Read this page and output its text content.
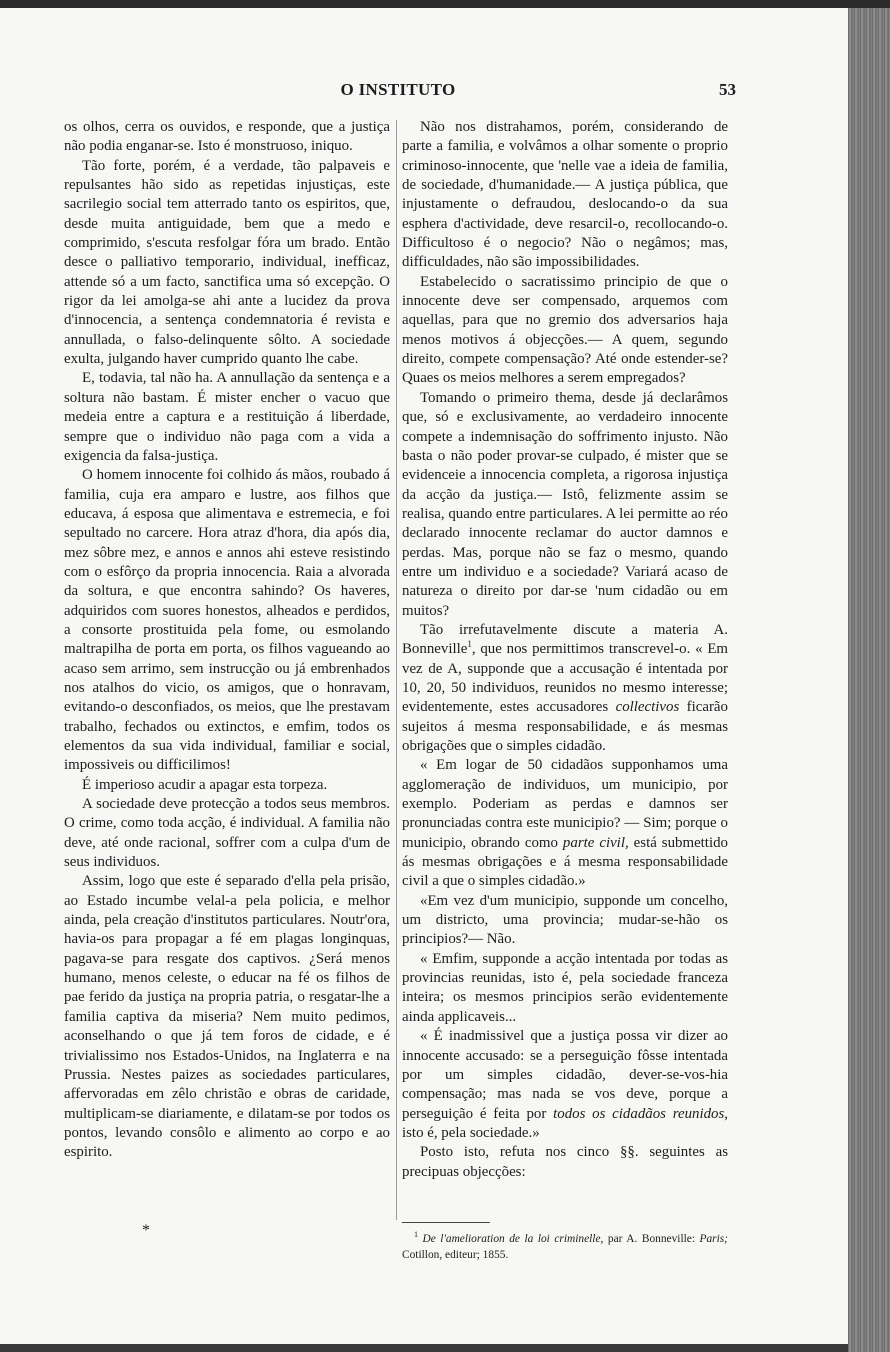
O INSTITUTO	53

os olhos, cerra os ouvidos, e responde, que a justiça não podia enganar-se. Isto é monstruoso, iniquo.

Tão forte, porém, é a verdade, tão palpaveis e repulsantes hão sido as repetidas injustiças, este sacrilegio social tem atterrado tanto os espiritos, que, desde muita antiguidade, bem que a medo e comprimido, s'escuta resfolgar fóra um brado. Então desce o palliativo temporario, individual, inefficaz, attende só a um facto, sanctifica uma só excepção. O rigor da lei amolga-se ahi ante a lucidez da prova d'innocencia, a sentença condemnatoria é revista e annullada, o falso-delinquente sôlto. A sociedade exulta, julgando haver cumprido quanto lhe cabe.

E, todavia, tal não ha. A annullação da sentença e a soltura não bastam. É mister encher o vacuo que medeia entre a captura e a restituição á liberdade, sempre que o individuo não paga com a vida a exigencia da falsa-justiça.

O homem innocente foi colhido ás mãos, roubado á familia, cuja era amparo e lustre, aos filhos que educava, á esposa que alimentava e estremecia, e foi sepultado no carcere. Hora atraz d'hora, dia após dia, mez sôbre mez, e annos e annos ahi esteve resistindo com o esfôrço da propria innocencia. Raia a alvorada da soltura, e que encontra sahindo? Os haveres, adquiridos com suores honestos, alheados e perdidos, a consorte prostituida pela fome, ou esmolando maltrapilha de porta em porta, os filhos vagueando ao acaso sem arrimo, sem instrucção ou já embrenhados nos atalhos do vicio, os amigos, que o honravam, evitando-o desconfiados, os meios, que lhe prestavam trabalho, fechados ou extinctos, e emfim, todos os elementos da sua vida individual, familiar e social, impossiveis ou difficilimos!

É imperioso acudir a apagar esta torpeza.

A sociedade deve protecção a todos seus membros. O crime, como toda acção, é individual. A familia não deve, até onde racional, soffrer com a culpa d'um de seus individuos.

Assim, logo que este é separado d'ella pela prisão, ao Estado incumbe velal-a pela policia, e melhor ainda, pela creação d'institutos particulares. Noutr'ora, havia-os para propagar a fé em plagas longinquas, pagava-se para resgate dos captivos. ¿Será menos humano, menos celeste, o educar na fé os filhos de pae ferido da justiça na propria patria, o resgatar-lhe a familia captiva da miseria? Nem muito pedimos, aconselhando o que já tem foros de cidade, e é trivialissimo nos Estados-Unidos, na Inglaterra e na Prussia. Nestes paizes as sociedades particulares, affervoradas em zêlo christão e obras de caridade, multiplicam-se diariamente, e dilatam-se por todos os pontos, levando consôlo e alimento ao corpo e ao espirito.

*

Não nos distrahamos, porém, considerando de parte a familia, e volvâmos a olhar somente o proprio criminoso-innocente, que 'nelle vae a ideia de familia, de sociedade, d'humanidade.— A justiça pública, que injustamente o defraudou, deslocando-o da sua esphera d'actividade, deve resarcil-o, recollocando-o. Difficultoso é o negocio? Não o negâmos; mas, difficuldades, não são impossibilidades.

Estabelecido o sacratissimo principio de que o innocente deve ser compensado, arquemos com aquellas, para que no gremio dos adversarios haja menos motivos á objecções.— A quem, segundo direito, compete compensação? Até onde estender-se? Quaes os meios melhores a serem empregados?

Tomando o primeiro thema, desde já declarâmos que, só e exclusivamente, ao verdadeiro innocente compete a indemnisação do soffrimento injusto. Não basta o não poder provar-se culpado, é mister que se evidenceie a innocencia completa, a rigorosa injustiça da acção da justiça.— Istô, felizmente assim se realisa, quando entre particulares. A lei permitte ao réo declarado innocente reclamar do auctor damnos e perdas. Mas, porque não se faz o mesmo, quando entre um individuo e a sociedade? Variará acaso de natureza o direito por dar-se 'num cidadão ou em muitos?

Tão irrefutavelmente discute a materia A. Bonneville$^1$, que nos permittimos transcrevel-o. « Em vez de A, supponde que a accusação é intentada por 10, 20, 50 individuos, reunidos no mesmo interesse; evidentemente, estes accusadores collectivos ficarão sujeitos á mesma responsabilidade, e ás mesmas obrigações que o simples cidadão.

« Em logar de 50 cidadãos supponhamos uma agglomeração de individuos, um municipio, por exemplo. Poderiam as perdas e damnos ser pronunciadas contra este municipio? — Sim; porque o municipio, obrando como parte civil, está submettido ás mesmas obrigações e á mesma responsabilidade civil a que o simples cidadão.»

«Em vez d'um municipio, supponde um concelho, um districto, uma provincia; mudar-se-hão os principios?— Não.

« Emfim, supponde a acção intentada por todas as provincias reunidas, isto é, pela sociedade franceza inteira; os mesmos principios serão evidentemente ainda applicaveis...

« É inadmissivel que a justiça possa vir dizer ao innocente accusado: se a perseguição fôsse intentada por um simples cidadão, dever-se-vos-hia compensação; mas nada se vos deve, porque a perseguição é feita por todos os cidadãos reunidos, isto é, pela sociedade.»

Posto isto, refuta nos cinco §§. seguintes as precipuas objecções:

$^1$ De l'amelioration de la loi criminelle, par A. Bonneville: Paris; Cotillon, editeur; 1855.
